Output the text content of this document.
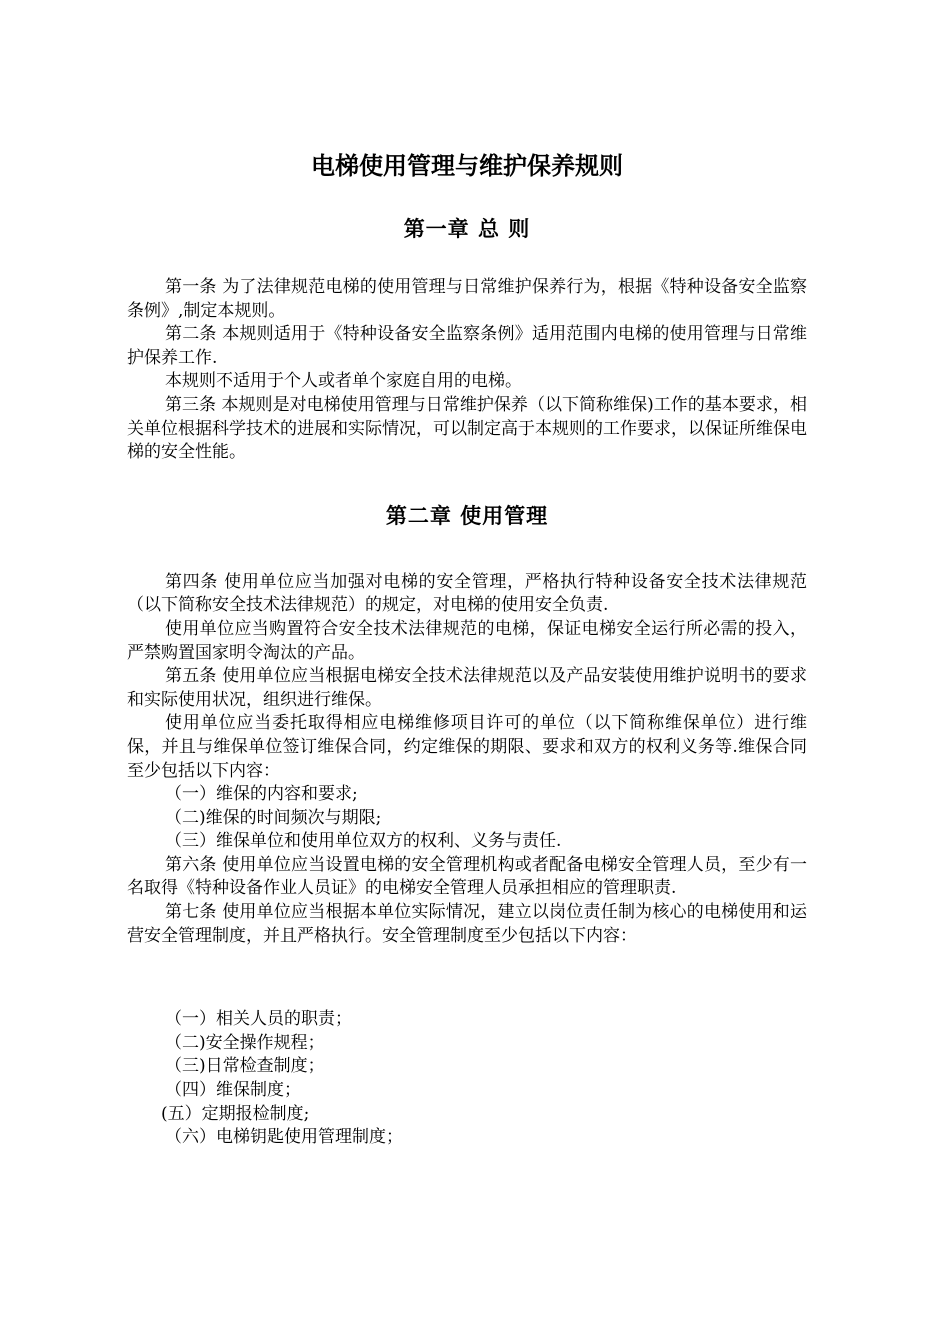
电梯使用管理与维护保养规则
第一章 总 则

第一条 为了法律规范电梯的使用管理与日常维护保养行为，根据《特种设备安全监察条例》,制定本规则。

第二条 本规则适用于《特种设备安全监察条例》适用范围内电梯的使用管理与日常维护保养工作.

本规则不适用于个人或者单个家庭自用的电梯。

第三条 本规则是对电梯使用管理与日常维护保养（以下简称维保)工作的基本要求，相关单位根据科学技术的进展和实际情况，可以制定高于本规则的工作要求，以保证所维保电梯的安全性能。

第二章 使用管理

第四条 使用单位应当加强对电梯的安全管理，严格执行特种设备安全技术法律规范（以下简称安全技术法律规范）的规定，对电梯的使用安全负责.

使用单位应当购置符合安全技术法律规范的电梯，保证电梯安全运行所必需的投入，严禁购置国家明令淘汰的产品。

第五条 使用单位应当根据电梯安全技术法律规范以及产品安装使用维护说明书的要求和实际使用状况，组织进行维保。

使用单位应当委托取得相应电梯维修项目许可的单位（以下简称维保单位）进行维保，并且与维保单位签订维保合同，约定维保的期限、要求和双方的权利义务等.维保合同至少包括以下内容：

（一）维保的内容和要求;

（二)维保的时间频次与期限;

（三）维保单位和使用单位双方的权利、义务与责任.

第六条 使用单位应当设置电梯的安全管理机构或者配备电梯安全管理人员，至少有一名取得《特种设备作业人员证》的电梯安全管理人员承担相应的管理职责.

第七条 使用单位应当根据本单位实际情况，建立以岗位责任制为核心的电梯使用和运营安全管理制度，并且严格执行。安全管理制度至少包括以下内容：

（一）相关人员的职责；

（二)安全操作规程；

（三)日常检查制度；

（四）维保制度；

(五）定期报检制度;

（六）电梯钥匙使用管理制度；
